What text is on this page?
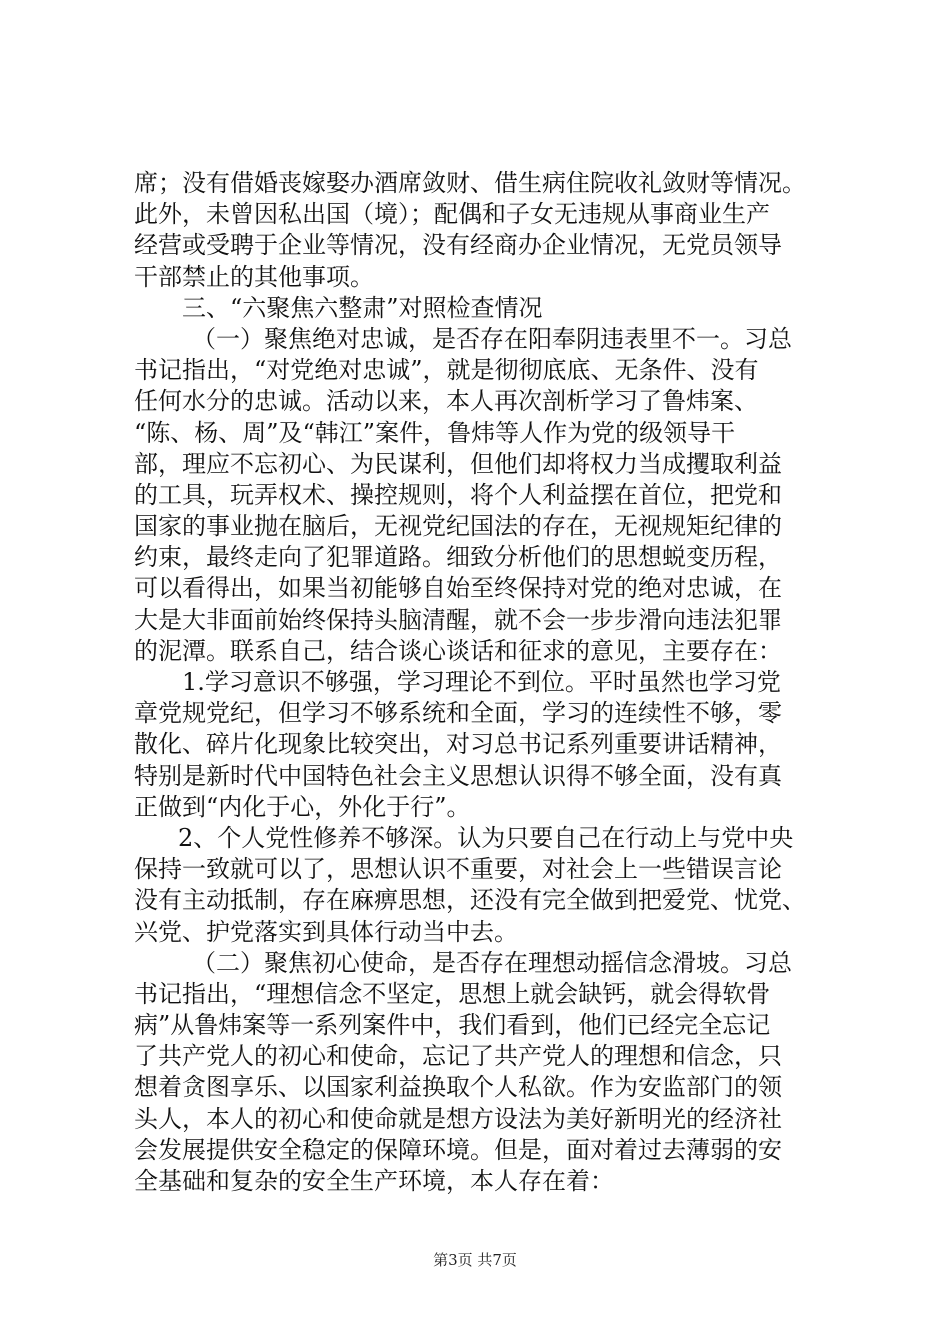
席；没有借婚丧嫁娶办酒席敛财、借生病住院收礼敛财等情况。
此外，未曾因私出国（境）；配偶和子女无违规从事商业生产
经营或受聘于企业等情况，没有经商办企业情况，无党员领导
干部禁止的其他事项。
三、“六聚焦六整肃”对照检查情况
（一）聚焦绝对忠诚，是否存在阳奉阴违表里不一。习总
书记指出，“对党绝对忠诚”，就是彻彻底底、无条件、没有
任何水分的忠诚。活动以来，本人再次剖析学习了鲁炜案、
“陈、杨、周”及“韩江”案件，鲁炜等人作为党的级领导干
部，理应不忘初心、为民谋利，但他们却将权力当成攫取利益
的工具，玩弄权术、操控规则，将个人利益摆在首位，把党和
国家的事业抛在脑后，无视党纪国法的存在，无视规矩纪律的
约束，最终走向了犯罪道路。细致分析他们的思想蜕变历程，
可以看得出，如果当初能够自始至终保持对党的绝对忠诚，在
大是大非面前始终保持头脑清醒，就不会一步步滑向违法犯罪
的泥潭。联系自己，结合谈心谈话和征求的意见，主要存在：
1.学习意识不够强，学习理论不到位。平时虽然也学习党
章党规党纪，但学习不够系统和全面，学习的连续性不够，零
散化、碎片化现象比较突出，对习总书记系列重要讲话精神，
特别是新时代中国特色社会主义思想认识得不够全面，没有真
正做到“内化于心，外化于行”。
2、个人党性修养不够深。认为只要自己在行动上与党中央
保持一致就可以了，思想认识不重要，对社会上一些错误言论
没有主动抵制，存在麻痹思想，还没有完全做到把爱党、忧党、
兴党、护党落实到具体行动当中去。
（二）聚焦初心使命，是否存在理想动摇信念滑坡。习总
书记指出，“理想信念不坚定，思想上就会缺钙，就会得软骨
病”从鲁炜案等一系列案件中，我们看到，他们已经完全忘记
了共产党人的初心和使命，忘记了共产党人的理想和信念，只
想着贪图享乐、以国家利益换取个人私欲。作为安监部门的领
头人，本人的初心和使命就是想方设法为美好新明光的经济社
会发展提供安全稳定的保障环境。但是，面对着过去薄弱的安
全基础和复杂的安全生产环境，本人存在着：
第3页 共7页
